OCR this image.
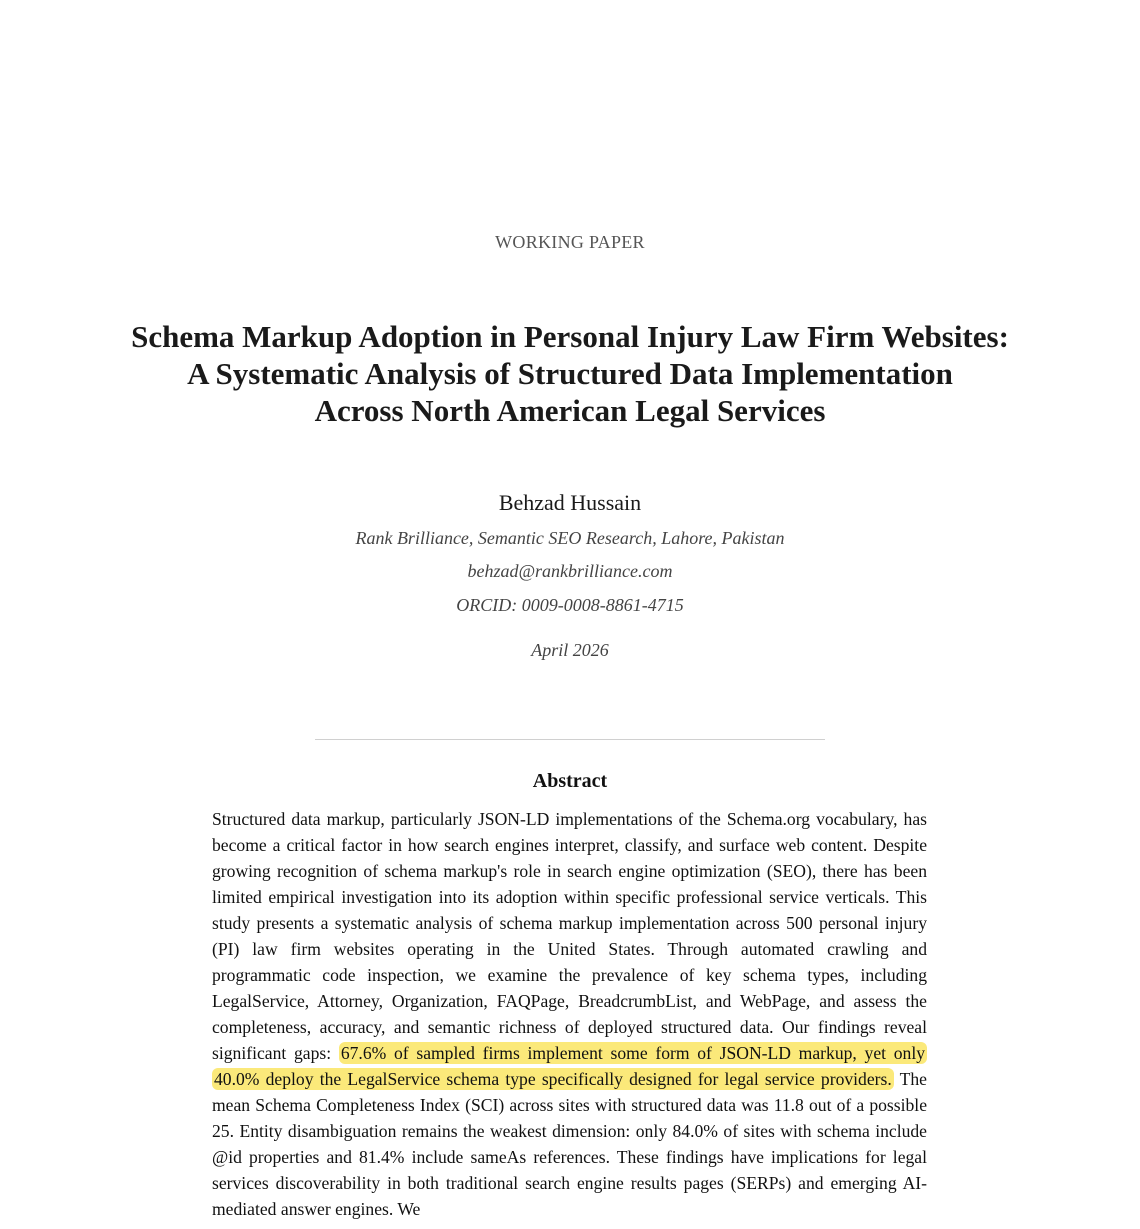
WORKING PAPER
Schema Markup Adoption in Personal Injury Law Firm Websites:
A Systematic Analysis of Structured Data Implementation
Across North American Legal Services
Behzad Hussain
Rank Brilliance, Semantic SEO Research, Lahore, Pakistan
behzad@rankbrilliance.com
ORCID: 0009-0008-8861-4715
April 2026
Abstract

Structured data markup, particularly JSON-LD implementations of the Schema.org vocabulary, has become a critical factor in how search engines interpret, classify, and surface web content. Despite growing recognition of schema markup's role in search engine optimization (SEO), there has been limited empirical investigation into its adoption within specific professional service verticals. This study presents a systematic analysis of schema markup implementation across 500 personal injury (PI) law firm websites operating in the United States. Through automated crawling and programmatic code inspection, we examine the prevalence of key schema types, including LegalService, Attorney, Organization, FAQPage, BreadcrumbList, and WebPage, and assess the completeness, accuracy, and semantic richness of deployed structured data. Our findings reveal significant gaps: 67.6% of sampled firms implement some form of JSON-LD markup, yet only 40.0% deploy the LegalService schema type specifically designed for legal service providers. The mean Schema Completeness Index (SCI) across sites with structured data was 11.8 out of a possible 25. Entity disambiguation remains the weakest dimension: only 84.0% of sites with schema include @id properties and 81.4% include sameAs references. These findings have implications for legal services discoverability in both traditional search engine results pages (SERPs) and emerging AI-mediated answer engines. We
